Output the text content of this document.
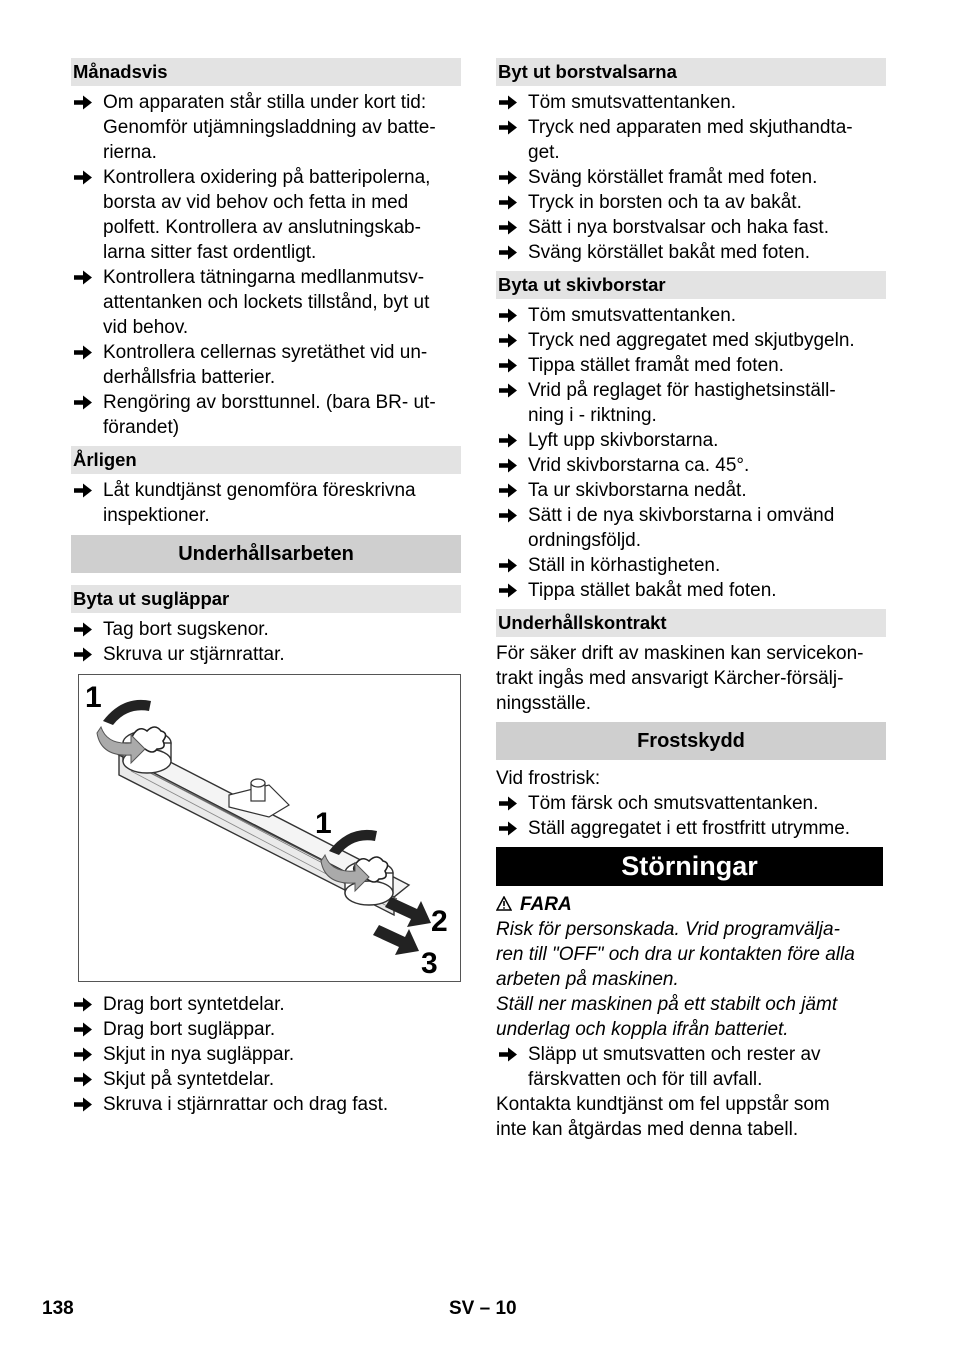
Månadsvis
Om apparaten står stilla under kort tid:
Genomför utjämningsladdning av batte-
rierna.
Kontrollera oxidering på batteripolerna,
borsta av vid behov och fetta in med
polfett. Kontrollera av anslutningskab-
larna sitter fast ordentligt.
Kontrollera tätningarna medllanmutsv-
attentanken och lockets tillstånd, byt ut
vid behov.
Kontrollera cellernas syretäthet vid un-
derhållsfria batterier.
Rengöring av borsttunnel. (bara BR- ut-
förandet)
Årligen
Låt kundtjänst genomföra föreskrivna
inspektioner.
Underhållsarbeten
Byta ut sugläppar
Tag bort sugskenor.
Skruva ur stjärnrattar.
1
1
2
3
Drag bort syntetdelar.
Drag bort sugläppar.
Skjut in nya sugläppar.
Skjut på syntetdelar.
Skruva i stjärnrattar och drag fast.
Byt ut borstvalsarna
Töm smutsvattentanken.
Tryck ned apparaten med skjuthandta-
get.
Sväng körstället framåt med foten.
Tryck in borsten och ta av bakåt.
Sätt i nya borstvalsar och haka fast.
Sväng körstället bakåt med foten.
Byta ut skivborstar
Töm smutsvattentanken.
Tryck ned aggregatet med skjutbygeln.
Tippa stället framåt med foten.
Vrid på reglaget för hastighetsinställ-
ning i - riktning.
Lyft upp skivborstarna.
Vrid skivborstarna ca. 45°.
Ta ur skivborstarna nedåt.
Sätt i de nya skivborstarna i omvänd
ordningsföljd.
Ställ in körhastigheten.
Tippa stället bakåt med foten.
Underhållskontrakt

För säker drift av maskinen kan servicekon-
trakt ingås med ansvarigt Kärcher-försälj-
ningsställe.

Frostskydd

Vid frostrisk:

Töm färsk och smutsvattentanken.
Ställ aggregatet i ett frostfritt utrymme.
Störningar
FARA

Risk för personskada. Vrid programvälja-
ren till "OFF" och dra ur kontakten före alla
arbeten på maskinen.
Ställ ner maskinen på ett stabilt och jämt
underlag och koppla ifrån batteriet.

Släpp ut smutsvatten och rester av
färskvatten och för till avfall.

Kontakta kundtjänst om fel uppstår som
inte kan åtgärdas med denna tabell.

138	SV – 10
